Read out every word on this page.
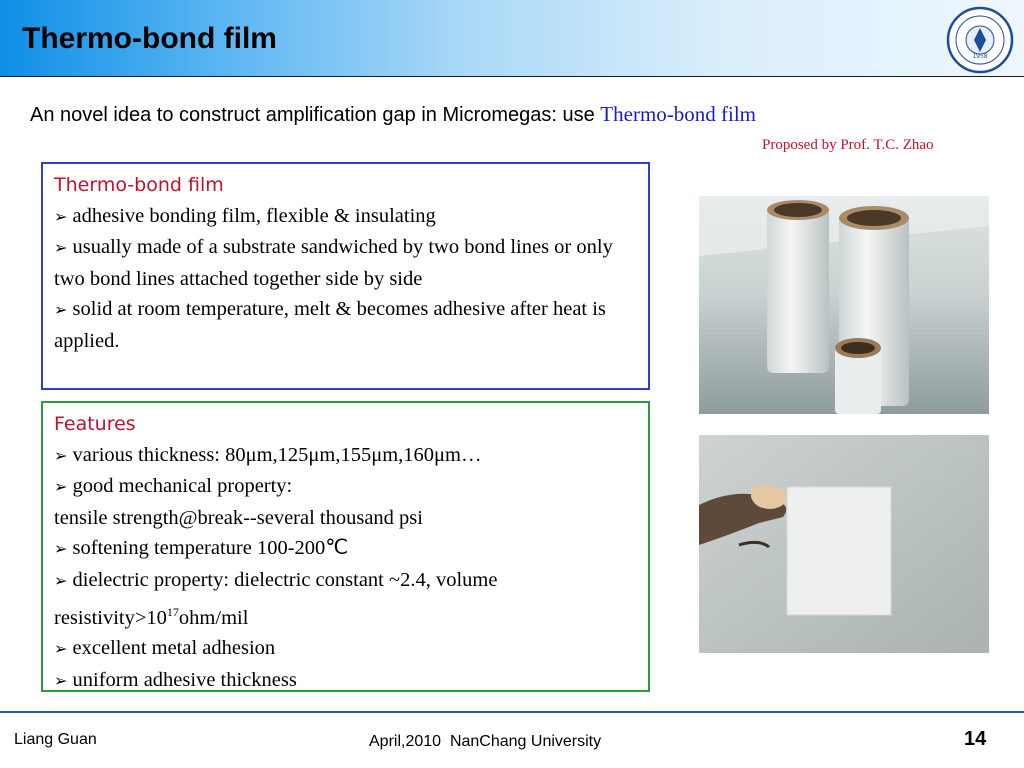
Thermo-bond film
1958
An novel idea to construct amplification gap in Micromegas: use Thermo-bond film
Proposed by Prof. T.C. Zhao
Thermo-bond film
➢ adhesive bonding film, flexible & insulating
➢ usually made of a substrate sandwiched by two bond lines or only two bond lines attached together side by side
➢ solid at room temperature, melt & becomes adhesive after heat is applied.
Features
➢ various thickness: 80μm,125μm,155μm,160μm…
➢ good mechanical property:
tensile strength@break--several thousand psi
➢ softening temperature 100-200℃
➢ dielectric property: dielectric constant ~2.4, volume $resistivity>10^{17}ohm$/mil
➢ excellent metal adhesion
➢ uniform adhesive thickness
Liang Guan	April,2010  NanChang University	14
